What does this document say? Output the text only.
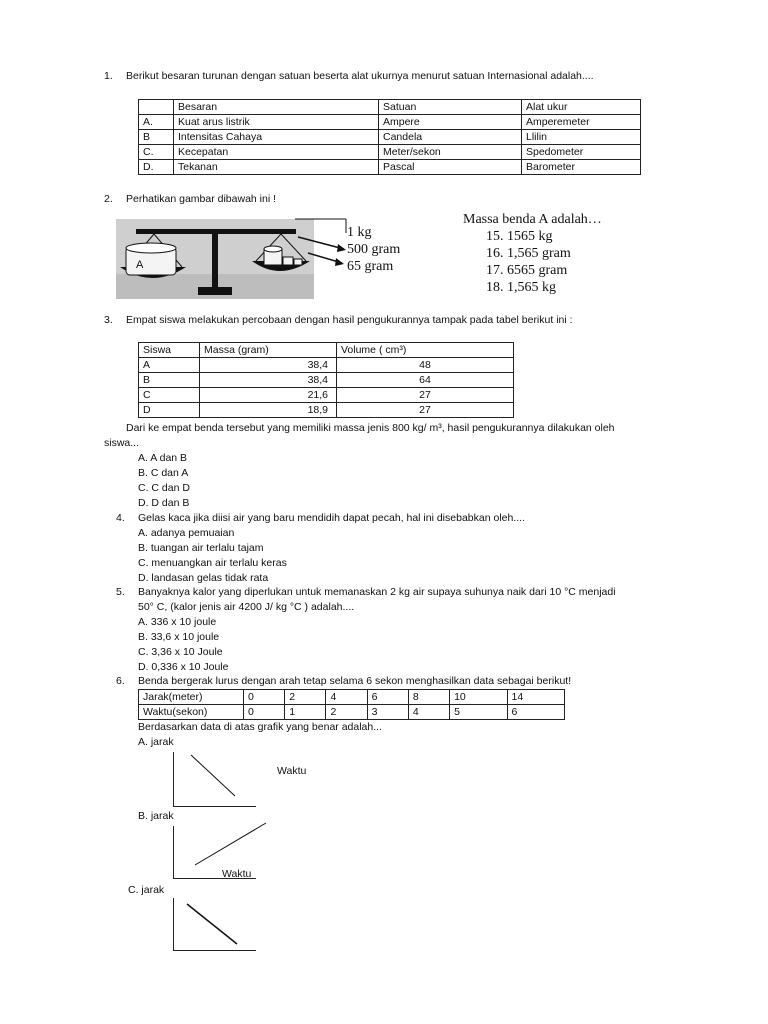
1. Berikut besaran turunan dengan satuan beserta alat ukurnya menurut satuan Internasional adalah....
	Besaran	Satuan	Alat ukur
A.	Kuat arus listrik	Ampere	Amperemeter
B	Intensitas Cahaya	Candela	Llilin
C.	Kecepatan	Meter/sekon	Spedometer
D.	Tekanan	Pascal	Barometer
2. Perhatikan gambar dibawah ini !
A
1 kg
500 gram
65 gram
Massa benda A adalah…
15. 1565 kg
16. 1,565 gram
17. 6565 gram
18. 1,565 kg
3. Empat siswa melakukan percobaan dengan hasil pengukurannya tampak pada tabel berikut ini :
Siswa	Massa (gram)	Volume ( cm³)
A	38,4	48
B	38,4	64
C	21,6	27
D	18,9	27
Dari ke empat benda tersebut yang memiliki massa jenis 800 kg/ m³, hasil pengukurannya dilakukan oleh
siswa...
A. A dan B
B. C dan A
C. C dan D
D. D dan B
4. Gelas kaca jika diisi air yang baru mendidih dapat pecah, hal ini disebabkan oleh....
A. adanya pemuaian
B. tuangan air terlalu tajam
C. menuangkan air terlalu keras
D. landasan gelas tidak rata
5. Banyaknya kalor yang diperlukan untuk memanaskan 2 kg air supaya suhunya naik dari 10 °C menjadi
50° C, (kalor jenis air 4200 J/ kg °C ) adalah....
A. 336 x 10 joule
B. 33,6 x 10 joule
C. 3,36 x 10 Joule
D. 0,336 x 10 Joule
6. Benda bergerak lurus dengan arah tetap selama 6 sekon menghasilkan data sebagai berikut!
Jarak(meter)	0	2	4	6	8	10	14
Waktu(sekon)	0	1	2	3	4	5	6
Berdasarkan data di atas grafik yang benar adalah...
A. jarak
Waktu
B. jarak
Waktu
C. jarak
